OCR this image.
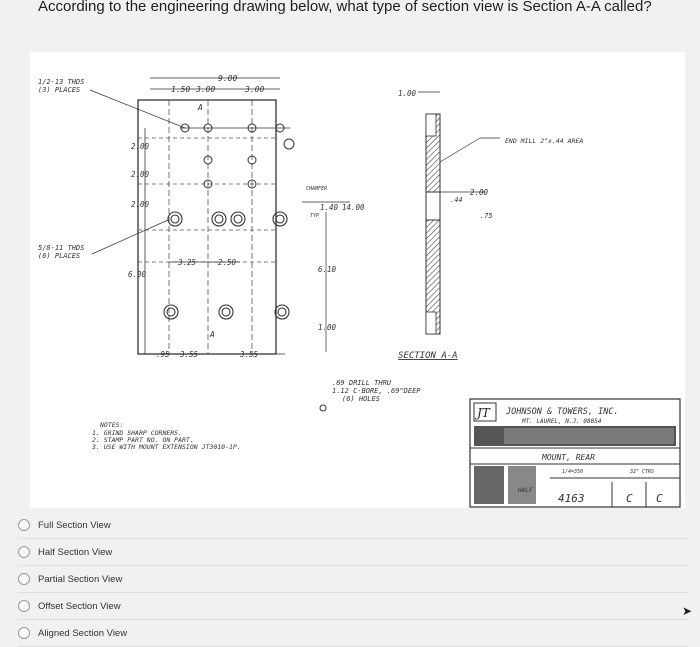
According to the engineering drawing below, what type of section view is Section A-A called?
9.00
1.50 3.00	3.00
A
2.00
2.00
2.00
6.00
3.25	2.50
A
.95 3.55	3.55
1/2-13 THDS
(3) PLACES
5/8-11 THDS
(6) PLACES
CHAMFER
1.40 14.00
TYP
6.10
1.00
1.00
2.00
.44
.75
END MILL 2"x.44 AREA
SECTION A-A
.69 DRILL THRU
1.12 C-BORE, .69"DEEP
(6) HOLES
NOTES:
1. GRIND SHARP CORNERS.
2. STAMP PART NO. ON PART.
3. USE WITH MOUNT EXTENSION JT3010-1P.
JT JOHNSON & TOWERS, INC.
MT. LAUREL, N.J. 08054
MOUNT, REAR
1/4=350	32" CTRS
HALF
4163	C C
Full Section View
Half Section View
Partial Section View
Offset Section View
Aligned Section View
➤
